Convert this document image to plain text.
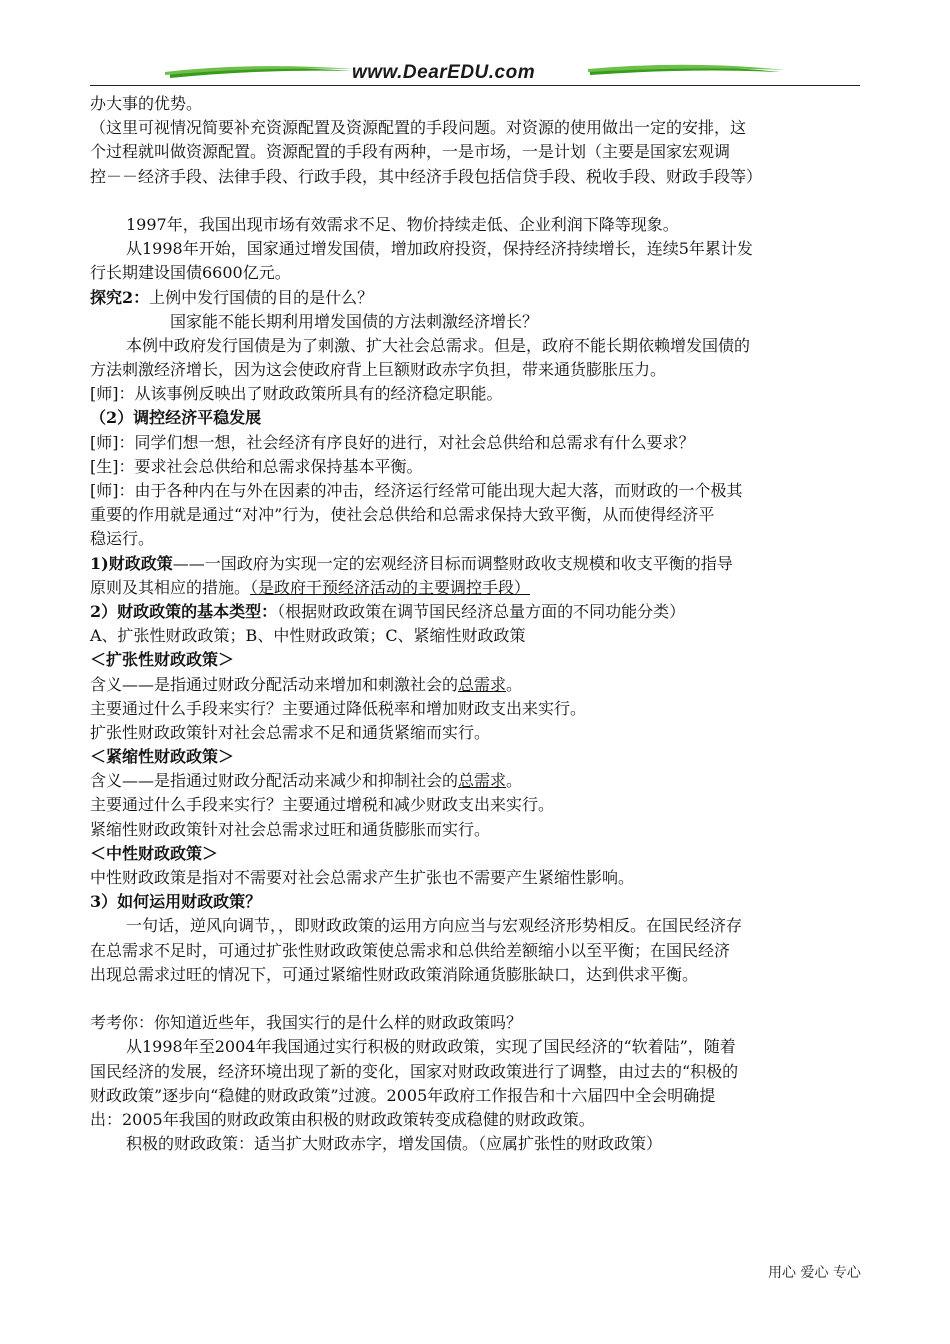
www.DearEDU.com
办大事的优势。
（这里可视情况简要补充资源配置及资源配置的手段问题。对资源的使用做出一定的安排，这
个过程就叫做资源配置。资源配置的手段有两种，一是市场，一是计划（主要是国家宏观调
控－－经济手段、法律手段、行政手段，其中经济手段包括信贷手段、税收手段、财政手段等）
1997年，我国出现市场有效需求不足、物价持续走低、企业利润下降等现象。
从1998年开始，国家通过增发国债，增加政府投资，保持经济持续增长，连续5年累计发
行长期建设国债6600亿元。
探究2：上例中发行国债的目的是什么？
国家能不能长期利用增发国债的方法刺激经济增长？
本例中政府发行国债是为了刺激、扩大社会总需求。但是，政府不能长期依赖增发国债的
方法刺激经济增长，因为这会使政府背上巨额财政赤字负担，带来通货膨胀压力。
[师]：从该事例反映出了财政政策所具有的经济稳定职能。
（2）调控经济平稳发展
[师]：同学们想一想，社会经济有序良好的进行，对社会总供给和总需求有什么要求？
[生]：要求社会总供给和总需求保持基本平衡。
[师]：由于各种内在与外在因素的冲击，经济运行经常可能出现大起大落，而财政的一个极其
重要的作用就是通过“对冲”行为，使社会总供给和总需求保持大致平衡，从而使得经济平
稳运行。
1)财政政策——一国政府为实现一定的宏观经济目标而调整财政收支规模和收支平衡的指导
原则及其相应的措施。（是政府干预经济活动的主要调控手段）
2）财政政策的基本类型：（根据财政政策在调节国民经济总量方面的不同功能分类）
A、扩张性财政政策；B、中性财政政策；C、紧缩性财政政策
＜扩张性财政政策＞
含义——是指通过财政分配活动来增加和刺激社会的总需求。
主要通过什么手段来实行？主要通过降低税率和增加财政支出来实行。
扩张性财政政策针对社会总需求不足和通货紧缩而实行。
＜紧缩性财政政策＞
含义——是指通过财政分配活动来减少和抑制社会的总需求。
主要通过什么手段来实行？主要通过增税和减少财政支出来实行。
紧缩性财政政策针对社会总需求过旺和通货膨胀而实行。
＜中性财政政策＞
中性财政政策是指对不需要对社会总需求产生扩张也不需要产生紧缩性影响。
3）如何运用财政政策？
一句话，逆风向调节，，即财政政策的运用方向应当与宏观经济形势相反。在国民经济存
在总需求不足时，可通过扩张性财政政策使总需求和总供给差额缩小以至平衡；在国民经济
出现总需求过旺的情况下，可通过紧缩性财政政策消除通货膨胀缺口，达到供求平衡。
考考你：你知道近些年，我国实行的是什么样的财政政策吗？
从1998年至2004年我国通过实行积极的财政政策，实现了国民经济的“软着陆”，随着
国民经济的发展，经济环境出现了新的变化，国家对财政政策进行了调整，由过去的“积极的
财政政策”逐步向“稳健的财政政策”过渡。2005年政府工作报告和十六届四中全会明确提
出：2005年我国的财政政策由积极的财政政策转变成稳健的财政政策。
积极的财政政策：适当扩大财政赤字，增发国债。（应属扩张性的财政政策）
用心 爱心 专心
